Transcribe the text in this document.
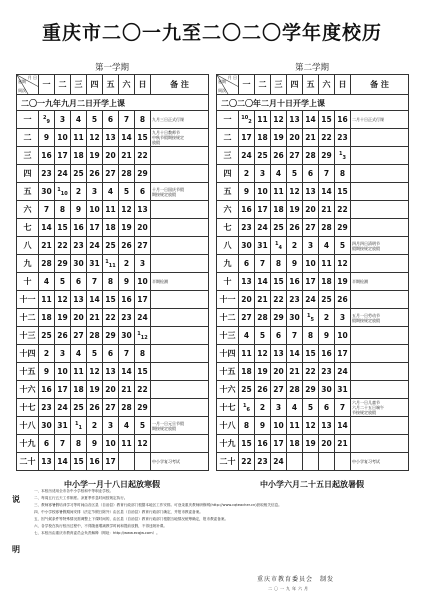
重庆市二〇一九至二〇二〇学年度校历
第一学期
月 日
星期
周次	一	二	三	四	五	六	日	备 注
二〇一九年九月二日开学上课								
一	$^2_9$	3	4	5	6	7	8	九月三日正式行课
二	9	10	11	12	13	14	15	九月十日教师节
中秋节假期按规定
放假
三	16	17	18	19	20	21	22	
四	23	24	25	26	27	28	29	
五	30	$^1_{10}$	2	3	4	5	6	十月一日国庆节假
期按规定放假
六	7	8	9	10	11	12	13	
七	14	15	16	17	18	19	20	
八	21	22	23	24	25	26	27	
九	28	29	30	31	$^1_{11}$	2	3	
十	4	5	6	7	8	9	10	半期检测
十一	11	12	13	14	15	16	17	
十二	18	19	20	21	22	23	24	
十三	25	26	27	28	29	30	$^1_{12}$	
十四	2	3	4	5	6	7	8	
十五	9	10	11	12	13	14	15	
十六	16	17	18	19	20	21	22	
十七	23	24	25	26	27	28	29	
十八	30	31	$^1_1$	2	3	4	5	一月一日元旦节假
期按规定放假
十九	6	7	8	9	10	11	12	
二十	13	14	15	16	17			中小学复习考试
中小学一月十八日起放寒假
第二学期
月 日
星期
周次	一	二	三	四	五	六	日	备 注
二〇二〇年二月十日开学上课								
一	$^{10}_2$	11	12	13	14	15	16	二月十日正式行课
二	17	18	19	20	21	22	23	
三	24	25	26	27	28	29	$^1_3$	
四	2	3	4	5	6	7	8	
五	9	10	11	12	13	14	15	
六	16	17	18	19	20	21	22	
七	23	24	25	26	27	28	29	
八	30	31	$^1_4$	2	3	4	5	四月四日清明节
假期按规定放假
九	6	7	8	9	10	11	12	
十	13	14	15	16	17	18	19	半期检测
十一	20	21	22	23	24	25	26	
十二	27	28	29	30	$^1_5$	2	3	五月一日劳动节
假期按规定放假
十三	4	5	6	7	8	9	10	
十四	11	12	13	14	15	16	17	
十五	18	19	20	21	22	23	24	
十六	25	26	27	28	29	30	31	
十七	$^1_6$	2	3	4	5	6	7	六月一日儿童节
六月二十五日端午
节按规定放假
十八	8	9	10	11	12	13	14	
十九	15	16	17	18	19	20	21	
二十	22	23	24					中小学复习考试
中小学六月二十五日起放暑假
说
明
一、本校历适用全市各中小学校和中等职业学校。
二、每周五行五天工作制度。凉夏季作息时间按规定执行。
三、教师寒暑假培训学习等时间由各区县（自治县）教育行政部门根据本地区工作安排。可登录重庆教师研修网(http://www.cqteacher.cn)获取相关信息。
四、中小学校寒暑假期间安排（法定节假日除外）由区县（自治县）教育行政部门确定，并报市教委备案。
五、因气候条件等特殊情况需调整上下课时间的，由区县（自治县）教育行政部门根据当地情况统筹确定，报市教委备案。
六、各学校在执行校历过程中，不得随意增减教学时间和提前放假，不得违规补课。
七、本校历由重庆市教育委员会负责解释（网址：http://www.ecqjw.com）。
重庆市教育委员会　制发
二〇一九年六月
